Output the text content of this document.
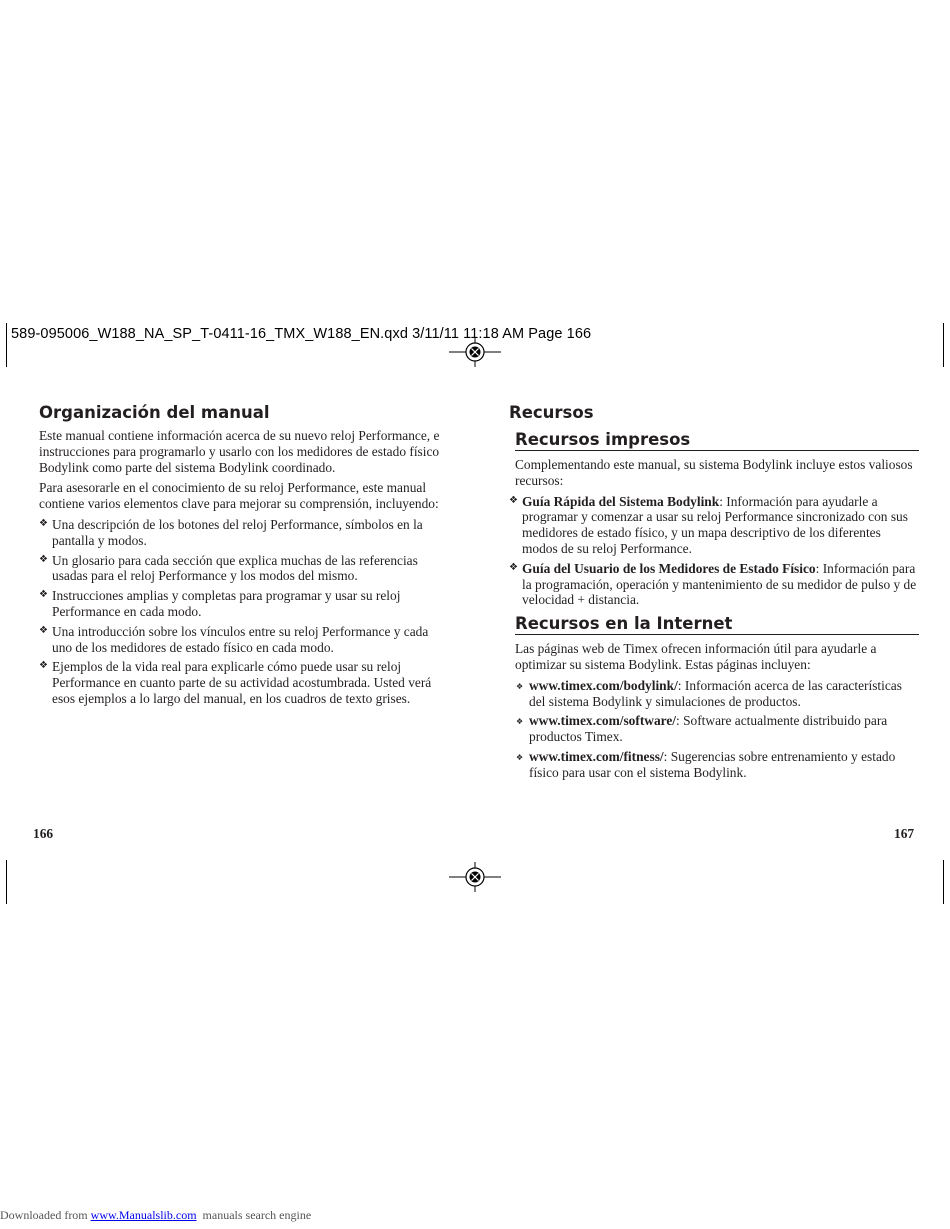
589-095006_W188_NA_SP_T-0411-16_TMX_W188_EN.qxd 3/11/11 11:18 AM Page 166
Organización del manual

Este manual contiene información acerca de su nuevo reloj Performance, e instrucciones para programarlo y usarlo con los medidores de estado físico Bodylink como parte del sistema Bodylink coordinado.

Para asesorarle en el conocimiento de su reloj Performance, este manual contiene varios elementos clave para mejorar su comprensión, incluyendo:

❖ Una descripción de los botones del reloj Performance, símbolos en la pantalla y modos.
❖ Un glosario para cada sección que explica muchas de las referencias usadas para el reloj Performance y los modos del mismo.
❖ Instrucciones amplias y completas para programar y usar su reloj Performance en cada modo.
❖ Una introducción sobre los vínculos entre su reloj Performance y cada uno de los medidores de estado físico en cada modo.
❖ Ejemplos de la vida real para explicarle cómo puede usar su reloj Performance en cuanto parte de su actividad acostumbrada. Usted verá esos ejemplos a lo largo del manual, en los cuadros de texto grises.
Recursos
Recursos impresos

Complementando este manual, su sistema Bodylink incluye estos valiosos recursos:

❖ Guía Rápida del Sistema Bodylink: Información para ayudarle a programar y comenzar a usar su reloj Performance sincronizado con sus medidores de estado físico, y un mapa descriptivo de los diferentes modos de su reloj Performance.
❖ Guía del Usuario de los Medidores de Estado Físico: Información para la programación, operación y mantenimiento de su medidor de pulso y de velocidad + distancia.
Recursos en la Internet

Las páginas web de Timex ofrecen información útil para ayudarle a optimizar su sistema Bodylink. Estas páginas incluyen:

❖ www.timex.com/bodylink/: Información acerca de las características del sistema Bodylink y simulaciones de productos.
❖ www.timex.com/software/: Software actualmente distribuido para productos Timex.
❖ www.timex.com/fitness/: Sugerencias sobre entrenamiento y estado físico para usar con el sistema Bodylink.
166	167
Downloaded from www.Manualslib.com  manuals search engine
